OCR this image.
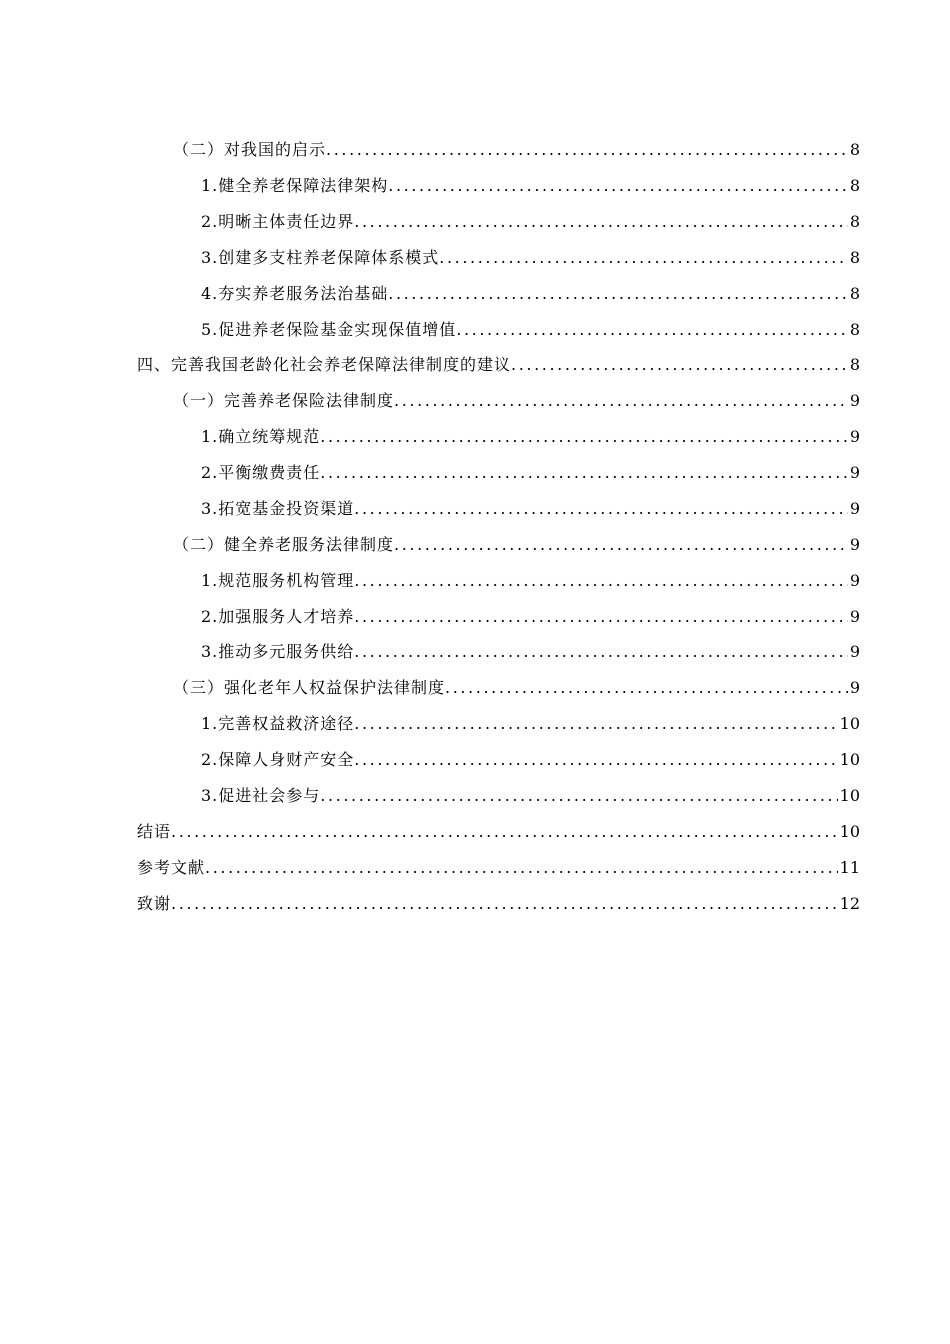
（二）对我国的启示 .....	8
1.健全养老保障法律架构 .....	8
2.明晰主体责任边界 .....	8
3.创建多支柱养老保障体系模式 .....	8
4.夯实养老服务法治基础 .....	8
5.促进养老保险基金实现保值增值 .....	8
四、完善我国老龄化社会养老保障法律制度的建议 .....	8
（一）完善养老保险法律制度 .....	9
1.确立统筹规范 .....	9
2.平衡缴费责任 .....	9
3.拓宽基金投资渠道 .....	9
（二）健全养老服务法律制度 .....	9
1.规范服务机构管理 .....	9
2.加强服务人才培养 .....	9
3.推动多元服务供给 .....	9
（三）强化老年人权益保护法律制度 .....	9
1.完善权益救济途径 .....	10
2.保障人身财产安全 .....	10
3.促进社会参与 .....	10
结语 .....	10
参考文献 .....	11
致谢 .....	12
